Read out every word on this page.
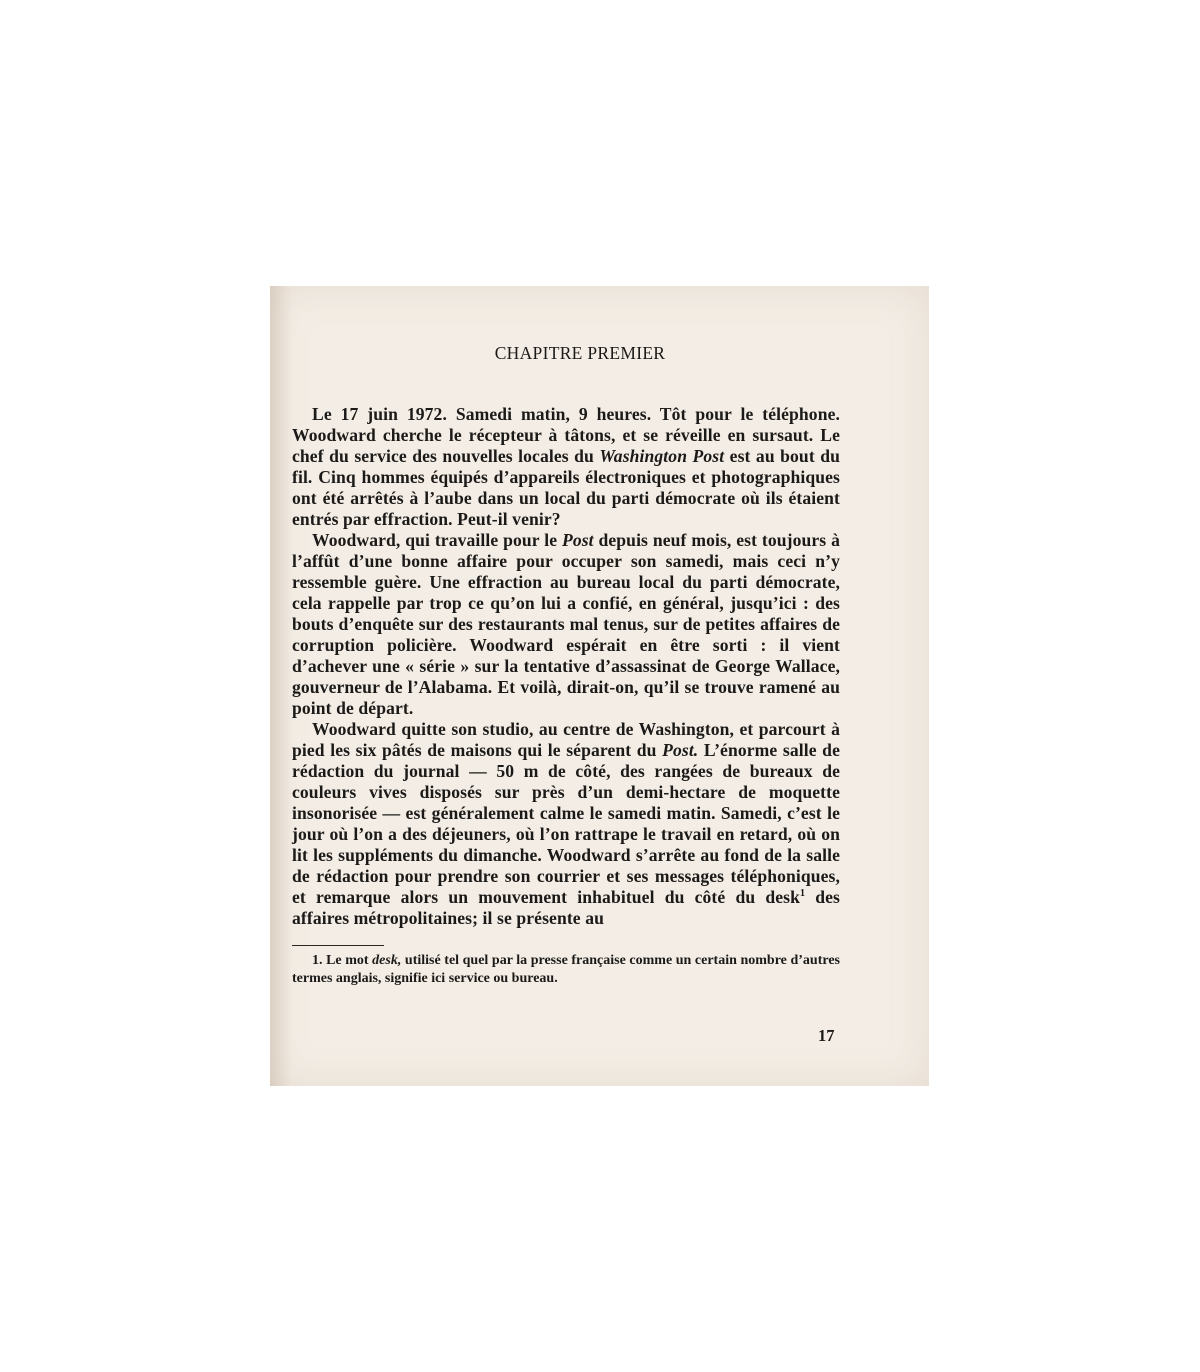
CHAPITRE PREMIER

Le 17 juin 1972. Samedi matin, 9 heures. Tôt pour le téléphone. Woodward cherche le récepteur à tâtons, et se réveille en sursaut. Le chef du service des nouvelles locales du Washington Post est au bout du fil. Cinq hommes équipés d’appareils électroniques et photographiques ont été arrêtés à l’aube dans un local du parti démocrate où ils étaient entrés par effraction. Peut-il venir?

Woodward, qui travaille pour le Post depuis neuf mois, est toujours à l’affût d’une bonne affaire pour occuper son samedi, mais ceci n’y ressemble guère. Une effraction au bureau local du parti démocrate, cela rappelle par trop ce qu’on lui a confié, en général, jusqu’ici : des bouts d’enquête sur des restaurants mal tenus, sur de petites affaires de corruption policière. Woodward espérait en être sorti : il vient d’achever une « série » sur la tentative d’assassinat de George Wallace, gouverneur de l’Alabama. Et voilà, dirait-on, qu’il se trouve ramené au point de départ.

Woodward quitte son studio, au centre de Washington, et parcourt à pied les six pâtés de maisons qui le séparent du Post. L’énorme salle de rédaction du journal — 50 m de côté, des rangées de bureaux de couleurs vives disposés sur près d’un demi-hectare de moquette insonorisée — est généralement calme le samedi matin. Samedi, c’est le jour où l’on a des déjeuners, où l’on rattrape le travail en retard, où on lit les suppléments du dimanche. Woodward s’arrête au fond de la salle de rédaction pour prendre son courrier et ses messages téléphoniques, et remarque alors un mouvement inhabituel du côté du desk$^1$ des affaires métropolitaines; il se présente au

1. Le mot desk, utilisé tel quel par la presse française comme un certain nombre d’autres termes anglais, signifie ici service ou bureau.

17
